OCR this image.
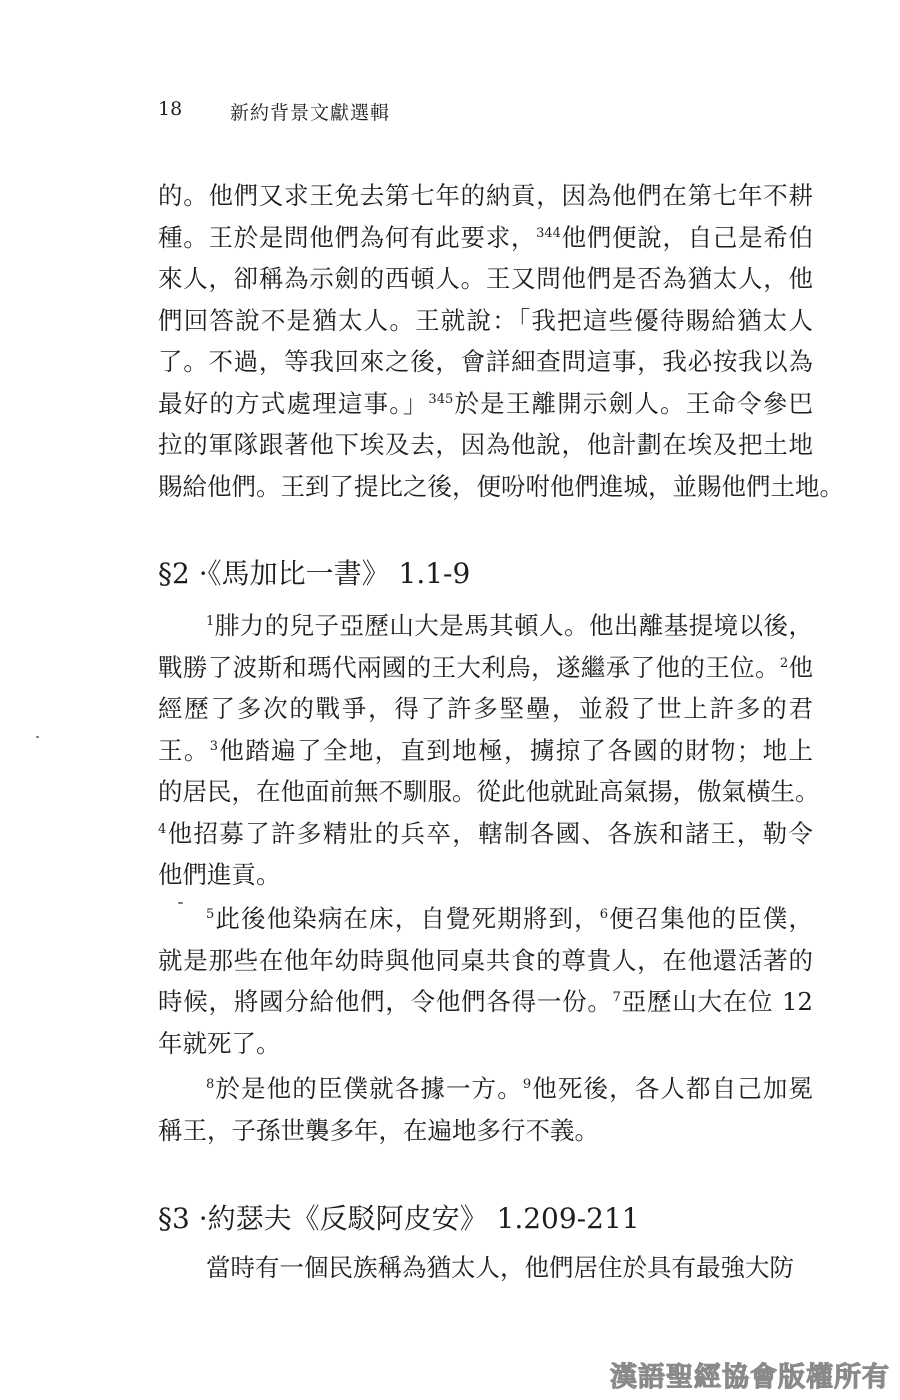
18	新約背景文獻選輯
的。他們又求王免去第七年的納貢，因為他們在第七年不耕
種。王於是問他們為何有此要求，$^{344}$他們便說，自己是希伯
來人，卻稱為示劍的西頓人。王又問他們是否為猶太人，他
們回答說不是猶太人。王就說：「我把這些優待賜給猶太人
了。不過，等我回來之後，會詳細查問這事，我必按我以為
最好的方式處理這事。」$^{345}$於是王離開示劍人。王命令參巴
拉的軍隊跟著他下埃及去，因為他說，他計劃在埃及把土地
賜給他們。王到了提比之後，便吩咐他們進城，並賜他們土地。
§2 ·《馬加比一書》 1.1-9
$^1$腓力的兒子亞歷山大是馬其頓人。他出離基提境以後，
戰勝了波斯和瑪代兩國的王大利烏，遂繼承了他的王位。$^2$他
經歷了多次的戰爭，得了許多堅壘，並殺了世上許多的君
王。$^3$他踏遍了全地，直到地極，擄掠了各國的財物；地上
的居民，在他面前無不馴服。從此他就趾高氣揚，傲氣橫生。
$^4$他招募了許多精壯的兵卒，轄制各國、各族和諸王，勒令
他們進貢。
$^5$此後他染病在床，自覺死期將到，$^6$便召集他的臣僕，
就是那些在他年幼時與他同桌共食的尊貴人，在他還活著的
時候，將國分給他們，令他們各得一份。$^7$亞歷山大在位 12
年就死了。
$^8$於是他的臣僕就各據一方。$^9$他死後，各人都自己加冕
稱王，子孫世襲多年，在遍地多行不義。
§3 ·約瑟夫《反駁阿皮安》 1.209-211
當時有一個民族稱為猶太人，他們居住於具有最強大防
漢語聖經協會版權所有
